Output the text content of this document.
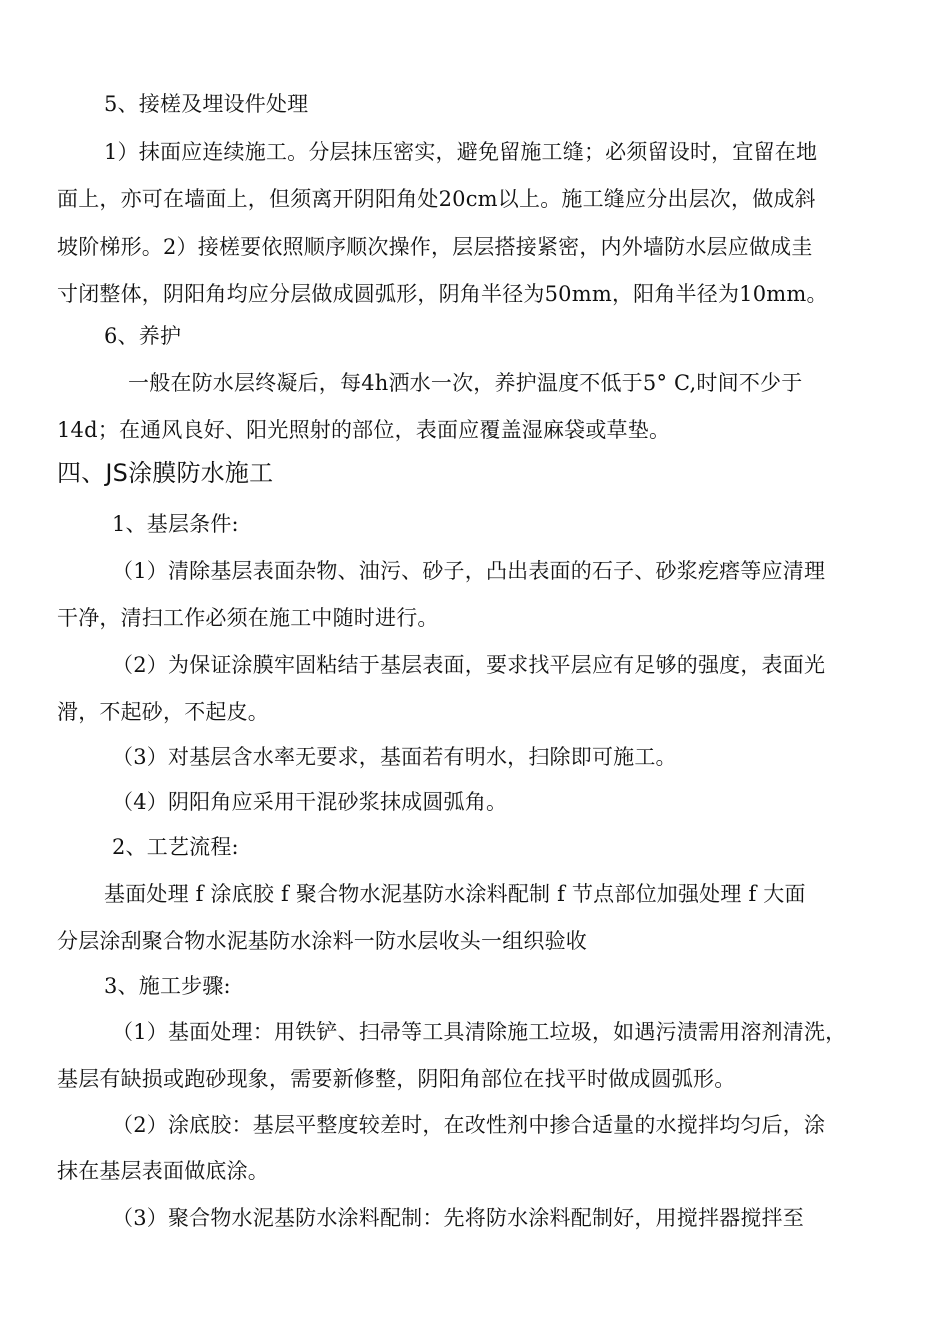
5、接槎及埋设件处理
1）抹面应连续施工。分层抹压密实，避免留施工缝；必须留设时，宜留在地
面上，亦可在墙面上，但须离开阴阳角处20cm以上。施工缝应分出层次，做成斜
坡阶梯形。2）接槎要依照顺序顺次操作，层层搭接紧密，内外墙防水层应做成圭
寸闭整体，阴阳角均应分层做成圆弧形，阴角半径为50mm，阳角半径为10mm。
6、养护
一般在防水层终凝后，每4h洒水一次，养护温度不低于5° C,时间不少于
14d；在通风良好、阳光照射的部位，表面应覆盖湿麻袋或草垫。
四、JS涂膜防水施工
1、基层条件:
（1）清除基层表面杂物、油污、砂子，凸出表面的石子、砂浆疙瘩等应清理
干净，清扫工作必须在施工中随时进行。
（2）为保证涂膜牢固粘结于基层表面，要求找平层应有足够的强度，表面光
滑，不起砂，不起皮。
（3）对基层含水率无要求，基面若有明水，扫除即可施工。
（4）阴阳角应采用干混砂浆抹成圆弧角。
2、工艺流程:
基面处理 f 涂底胶 f 聚合物水泥基防水涂料配制 f 节点部位加强处理 f 大面
分层涂刮聚合物水泥基防水涂料一防水层收头一组织验收
3、施工步骤:
（1）基面处理：用铁铲、扫帚等工具清除施工垃圾，如遇污渍需用溶剂清洗，
基层有缺损或跑砂现象，需要新修整，阴阳角部位在找平时做成圆弧形。
（2）涂底胶：基层平整度较差时，在改性剂中掺合适量的水搅拌均匀后，涂
抹在基层表面做底涂。
（3）聚合物水泥基防水涂料配制：先将防水涂料配制好，用搅拌器搅拌至
